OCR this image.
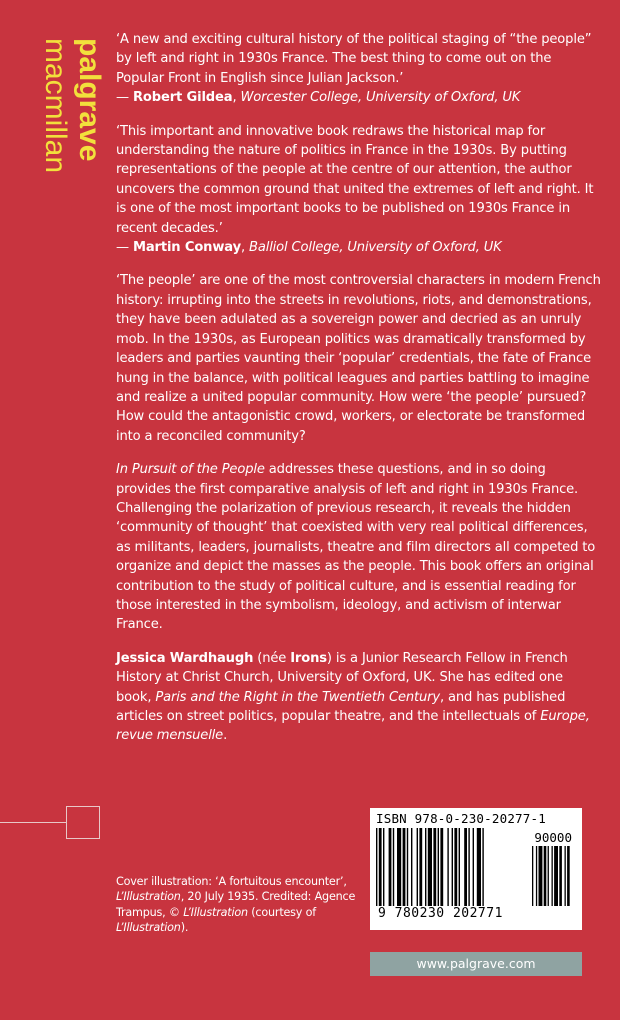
palgrave
macmillan	‘A new and exciting cultural history of the political staging of “the people” by left and right in 1930s France. The best thing to come out on the Popular Front in English since Julian Jackson.’

— Robert Gildea, Worcester College, University of Oxford, UK

‘This important and innovative book redraws the historical map for understanding the nature of politics in France in the 1930s. By putting representations of the people at the centre of our attention, the author uncovers the common ground that united the extremes of left and right. It is one of the most important books to be published on 1930s France in recent decades.’

— Martin Conway, Balliol College, University of Oxford, UK

‘The people’ are one of the most controversial characters in modern French history: irrupting into the streets in revolutions, riots, and demonstrations, they have been adulated as a sovereign power and decried as an unruly mob. In the 1930s, as European politics was dramatically transformed by leaders and parties vaunting their ‘popular’ credentials, the fate of France hung in the balance, with political leagues and parties battling to imagine and realize a united popular community. How were ‘the people’ pursued? How could the antagonistic crowd, workers, or electorate be transformed into a reconciled community?

In Pursuit of the People addresses these questions, and in so doing provides the first comparative analysis of left and right in 1930s France. Challenging the polarization of previous research, it reveals the hidden ‘community of thought’ that coexisted with very real political differences, as militants, leaders, journalists, theatre and film directors all competed to organize and depict the masses as the people. This book offers an original contribution to the study of political culture, and is essential reading for those interested in the symbolism, ideology, and activism of interwar France.

Jessica Wardhaugh (née Irons) is a Junior Research Fellow in French History at Christ Church, University of Oxford, UK. She has edited one book, Paris and the Right in the Twentieth Century, and has published articles on street politics, popular theatre, and the intellectuals of Europe, revue mensuelle.

Cover illustration: ‘A fortuitous encounter’, L’Illustration, 20 July 1935. Credited: Agence Trampus, © L’Illustration (courtesy of L’Illustration).
ISBN 978-0-230-20277-1
90000
9 780230 202771
www.palgrave.com
